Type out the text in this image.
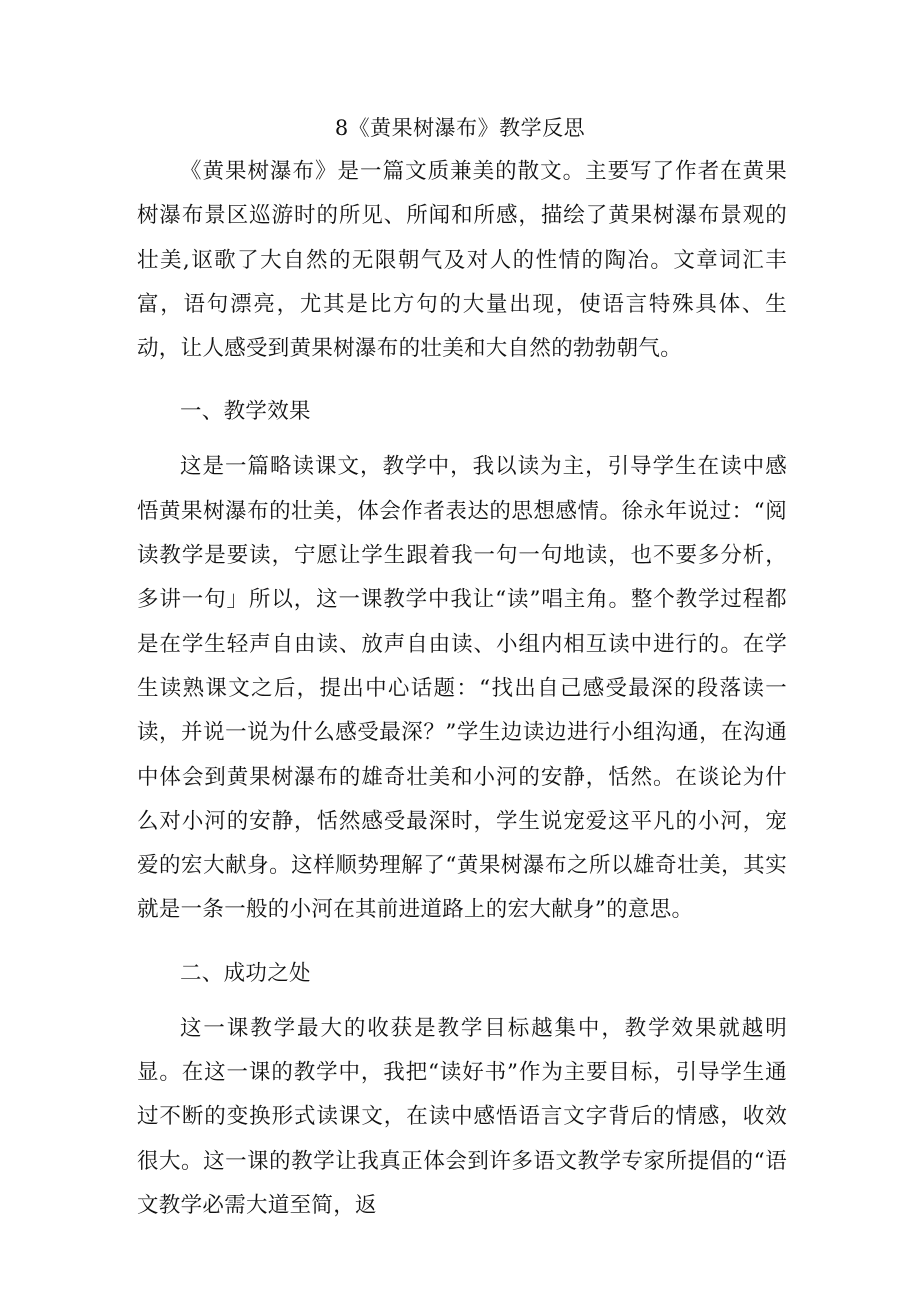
8《黄果树瀑布》教学反思

《黄果树瀑布》是一篇文质兼美的散文。主要写了作者在黄果树瀑布景区巡游时的所见、所闻和所感，描绘了黄果树瀑布景观的壮美,讴歌了大自然的无限朝气及对人的性情的陶冶。文章词汇丰富，语句漂亮，尤其是比方句的大量出现，使语言特殊具体、生动，让人感受到黄果树瀑布的壮美和大自然的勃勃朝气。

一、教学效果

这是一篇略读课文，教学中，我以读为主，引导学生在读中感悟黄果树瀑布的壮美，体会作者表达的思想感情。徐永年说过：“阅读教学是要读，宁愿让学生跟着我一句一句地读，也不要多分析，多讲一句」所以，这一课教学中我让“读”唱主角。整个教学过程都是在学生轻声自由读、放声自由读、小组内相互读中进行的。在学生读熟课文之后，提出中心话题：“找出自己感受最深的段落读一读，并说一说为什么感受最深？”学生边读边进行小组沟通，在沟通中体会到黄果树瀑布的雄奇壮美和小河的安静，恬然。在谈论为什么对小河的安静，恬然感受最深时，学生说宠爱这平凡的小河，宠爱的宏大献身。这样顺势理解了“黄果树瀑布之所以雄奇壮美，其实就是一条一般的小河在其前进道路上的宏大献身”的意思。

二、成功之处

这一课教学最大的收获是教学目标越集中，教学效果就越明显。在这一课的教学中，我把“读好书”作为主要目标，引导学生通过不断的变换形式读课文，在读中感悟语言文字背后的情感，收效很大。这一课的教学让我真正体会到许多语文教学专家所提倡的“语文教学必需大道至简，返
